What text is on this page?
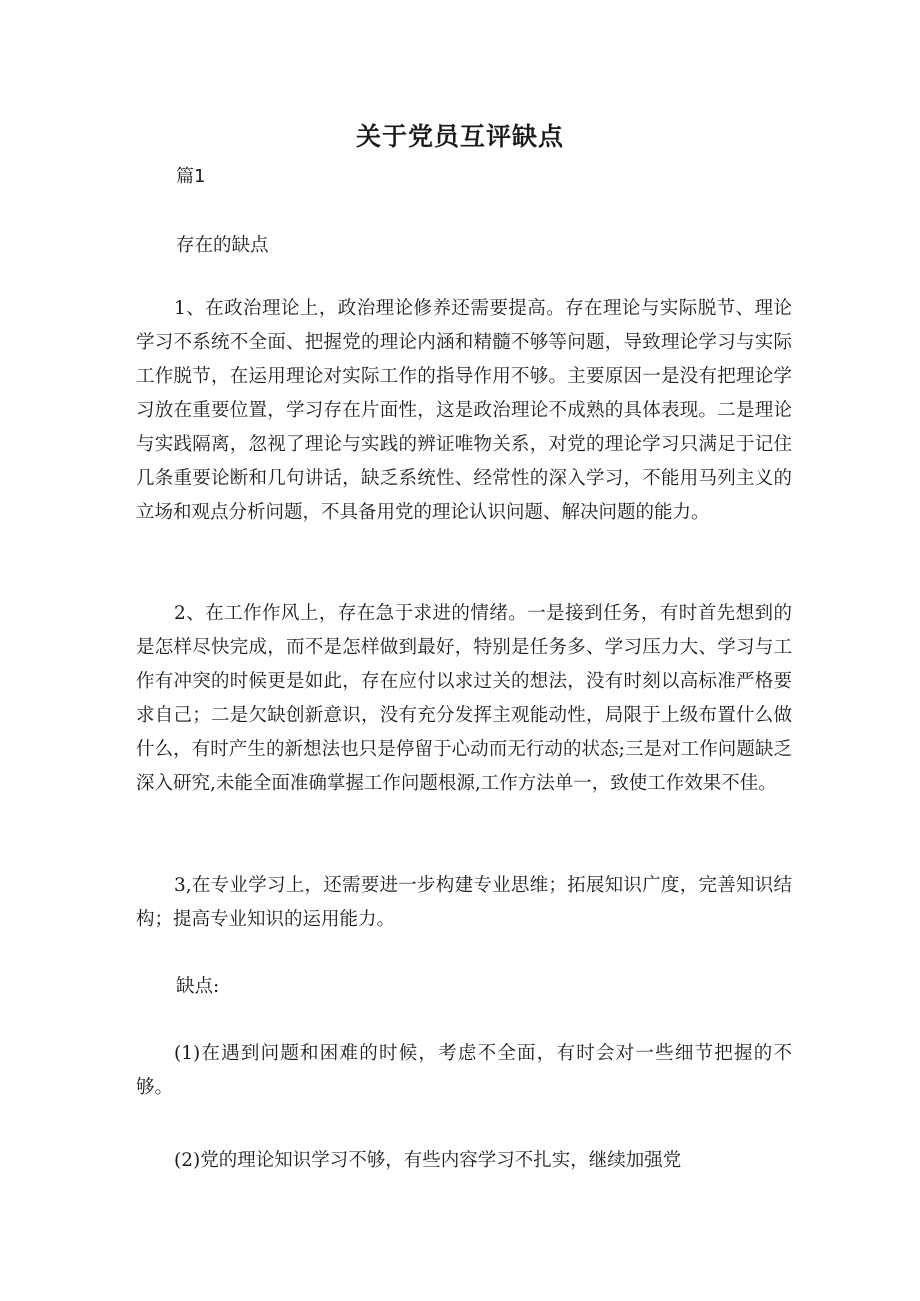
关于党员互评缺点

篇1

存在的缺点

1、在政治理论上，政治理论修养还需要提高。存在理论与实际脱节、理论学习不系统不全面、把握党的理论内涵和精髓不够等问题，导致理论学习与实际工作脱节，在运用理论对实际工作的指导作用不够。主要原因一是没有把理论学习放在重要位置，学习存在片面性，这是政治理论不成熟的具体表现。二是理论与实践隔离，忽视了理论与实践的辨证唯物关系，对党的理论学习只满足于记住几条重要论断和几句讲话，缺乏系统性、经常性的深入学习，不能用马列主义的立场和观点分析问题，不具备用党的理论认识问题、解决问题的能力。

2、在工作作风上，存在急于求进的情绪。一是接到任务，有时首先想到的是怎样尽快完成，而不是怎样做到最好，特别是任务多、学习压力大、学习与工作有冲突的时候更是如此，存在应付以求过关的想法，没有时刻以高标准严格要求自己；二是欠缺创新意识，没有充分发挥主观能动性，局限于上级布置什么做什么，有时产生的新想法也只是停留于心动而无行动的状态;三是对工作问题缺乏深入研究,未能全面准确掌握工作问题根源,工作方法单一，致使工作效果不佳。

3,在专业学习上，还需要进一步构建专业思维；拓展知识广度，完善知识结构；提高专业知识的运用能力。

缺点:

(1)在遇到问题和困难的时候，考虑不全面，有时会对一些细节把握的不够。

(2)党的理论知识学习不够，有些内容学习不扎实，继续加强党
